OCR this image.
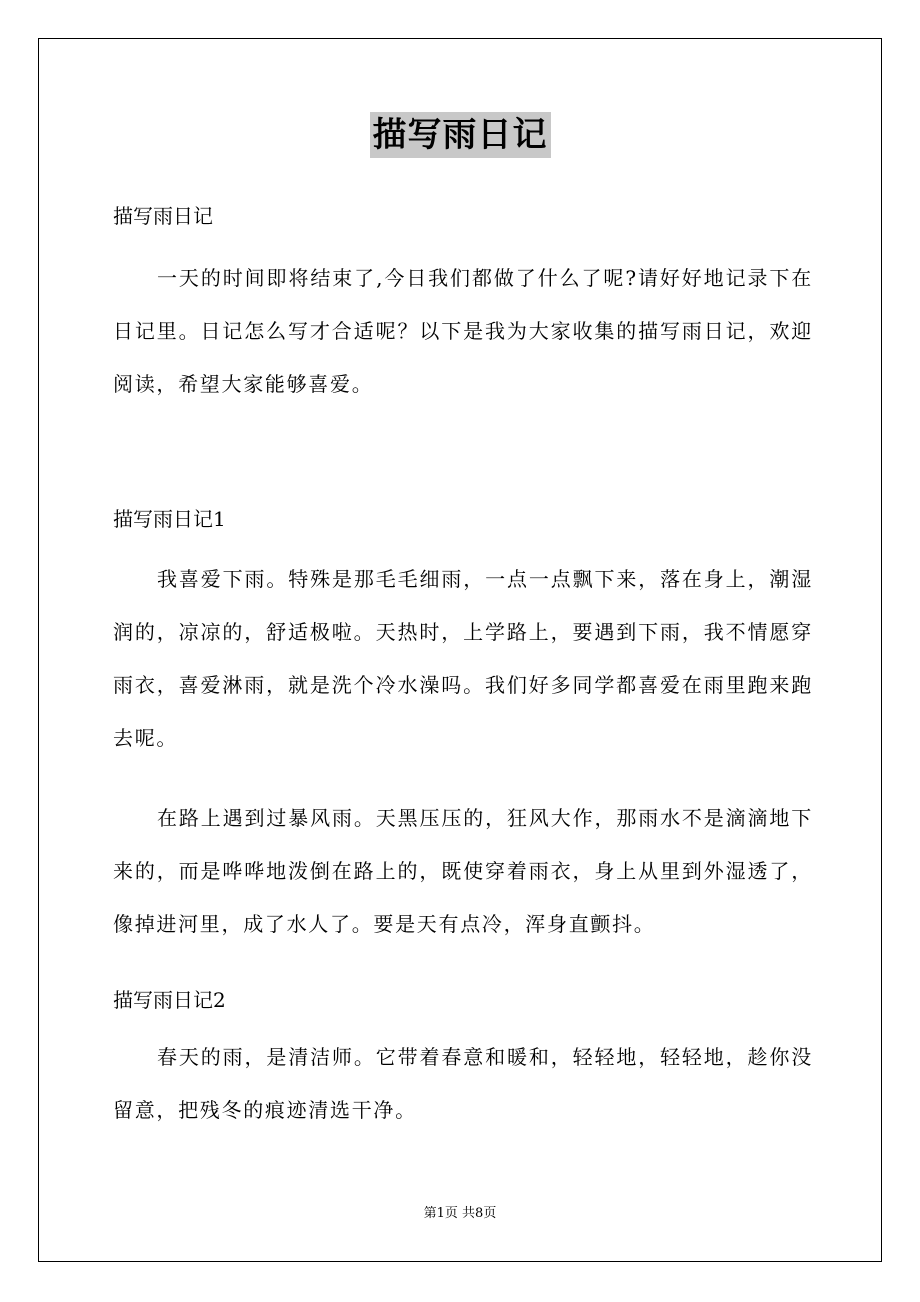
描写雨日记
描写雨日记

一天的时间即将结束了,今日我们都做了什么了呢?请好好地记录下在日记里。日记怎么写才合适呢？以下是我为大家收集的描写雨日记，欢迎阅读，希望大家能够喜爱。

描写雨日记1

我喜爱下雨。特殊是那毛毛细雨，一点一点飘下来，落在身上，潮湿润的，凉凉的，舒适极啦。天热时，上学路上，要遇到下雨，我不情愿穿雨衣，喜爱淋雨，就是洗个冷水澡吗。我们好多同学都喜爱在雨里跑来跑去呢。

在路上遇到过暴风雨。天黑压压的，狂风大作，那雨水不是滴滴地下来的，而是哗哗地泼倒在路上的，既使穿着雨衣，身上从里到外湿透了，像掉进河里，成了水人了。要是天有点冷，浑身直颤抖。

描写雨日记2

春天的雨，是清洁师。它带着春意和暖和，轻轻地，轻轻地，趁你没留意，把残冬的痕迹清选干净。

第1页 共8页
